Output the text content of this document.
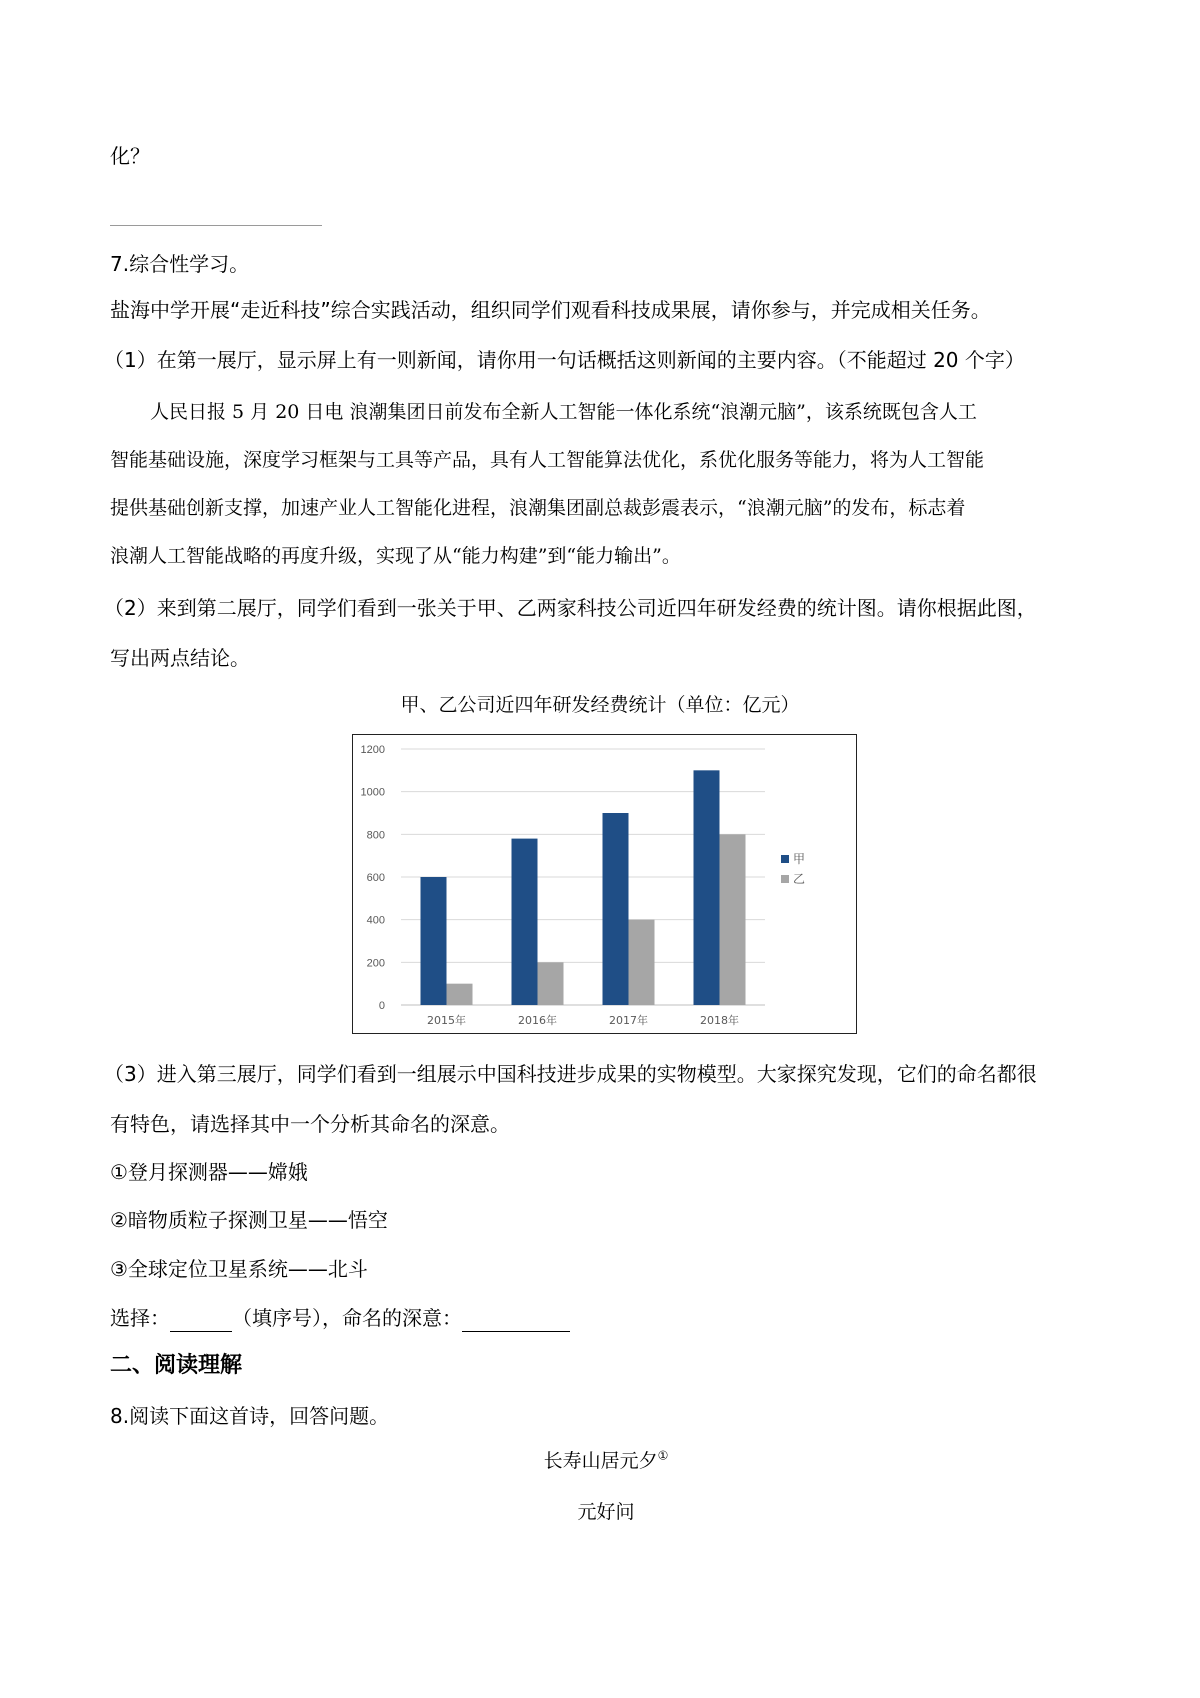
化？
7.综合性学习。
盐海中学开展“走近科技”综合实践活动，组织同学们观看科技成果展，请你参与，并完成相关任务。
（1）在第一展厅，显示屏上有一则新闻，请你用一句话概括这则新闻的主要内容。（不能超过 20 个字）
人民日报 5 月 20 日电 浪潮集团日前发布全新人工智能一体化系统“浪潮元脑”，该系统既包含人工
智能基础设施，深度学习框架与工具等产品，具有人工智能算法优化，系优化服务等能力，将为人工智能
提供基础创新支撑，加速产业人工智能化进程，浪潮集团副总裁彭震表示，“浪潮元脑”的发布，标志着
浪潮人工智能战略的再度升级，实现了从“能力构建”到“能力输出”。
（2）来到第二展厅，同学们看到一张关于甲、乙两家科技公司近四年研发经费的统计图。请你根据此图，
写出两点结论。
甲、乙公司近四年研发经费统计（单位：亿元）
0
200
400
600
800
1000
1200
2015年	2016年	2017年	2018年
甲
乙
（3）进入第三展厅，同学们看到一组展示中国科技进步成果的实物模型。大家探究发现，它们的命名都很
有特色，请选择其中一个分析其命名的深意。
①登月探测器——嫦娥
②暗物质粒子探测卫星——悟空
③全球定位卫星系统——北斗
选择：	（填序号），命名的深意：
二、阅读理解
8.阅读下面这首诗，回答问题。
长寿山居元夕①
元好问
